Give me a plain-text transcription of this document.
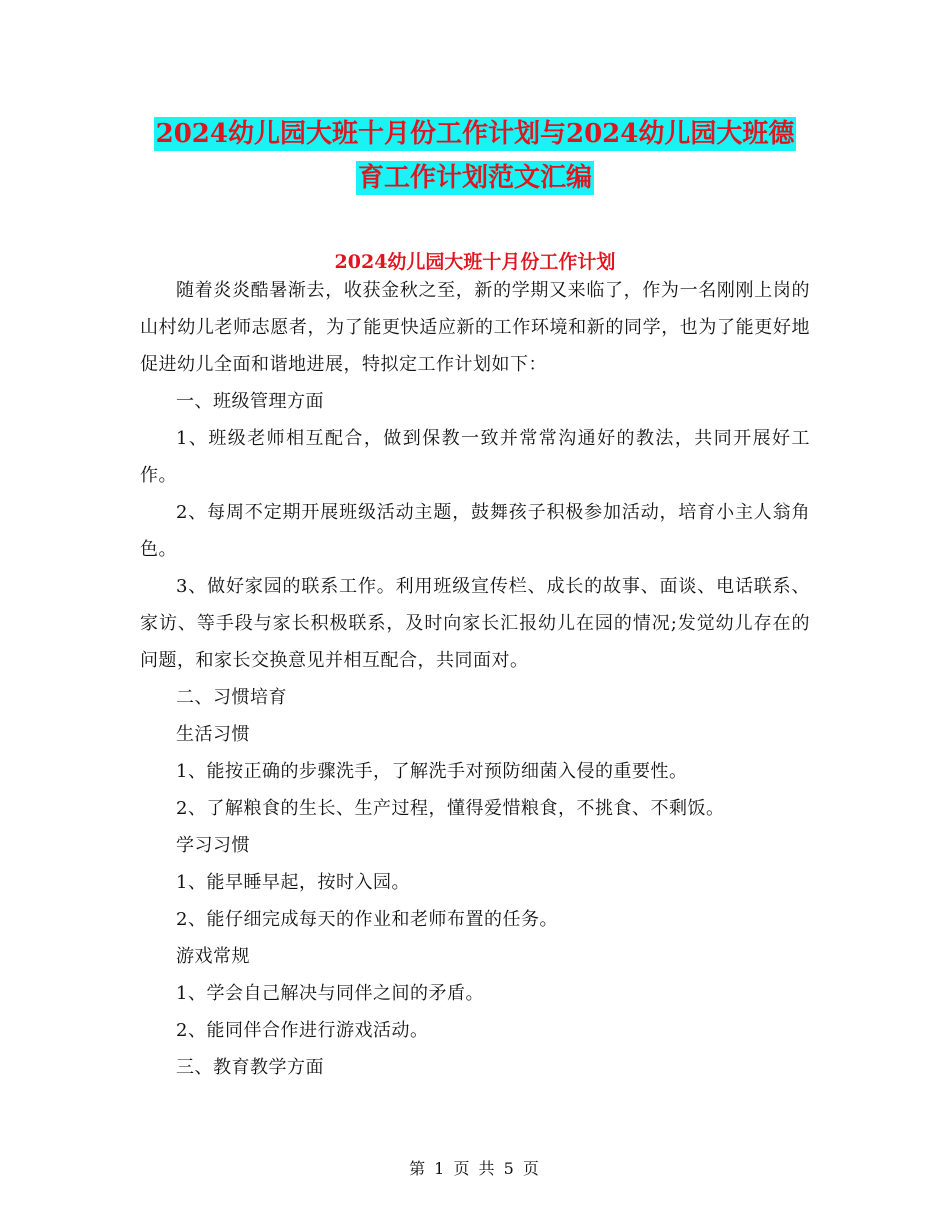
2024幼儿园大班十月份工作计划与2024幼儿园大班德
育工作计划范文汇编
2024幼儿园大班十月份工作计划

随着炎炎酷暑渐去，收获金秋之至，新的学期又来临了，作为一名刚刚上岗的山村幼儿老师志愿者，为了能更快适应新的工作环境和新的同学，也为了能更好地促进幼儿全面和谐地进展，特拟定工作计划如下：

一、班级管理方面

1、班级老师相互配合，做到保教一致并常常沟通好的教法，共同开展好工作。

2、每周不定期开展班级活动主题，鼓舞孩子积极参加活动，培育小主人翁角色。

3、做好家园的联系工作。利用班级宣传栏、成长的故事、面谈、电话联系、家访、等手段与家长积极联系，及时向家长汇报幼儿在园的情况;发觉幼儿存在的问题，和家长交换意见并相互配合，共同面对。

二、习惯培育

生活习惯

1、能按正确的步骤洗手，了解洗手对预防细菌入侵的重要性。

2、了解粮食的生长、生产过程，懂得爱惜粮食，不挑食、不剩饭。

学习习惯

1、能早睡早起，按时入园。

2、能仔细完成每天的作业和老师布置的任务。

游戏常规

1、学会自己解决与同伴之间的矛盾。

2、能同伴合作进行游戏活动。

三、教育教学方面

第 1 页 共 5 页
